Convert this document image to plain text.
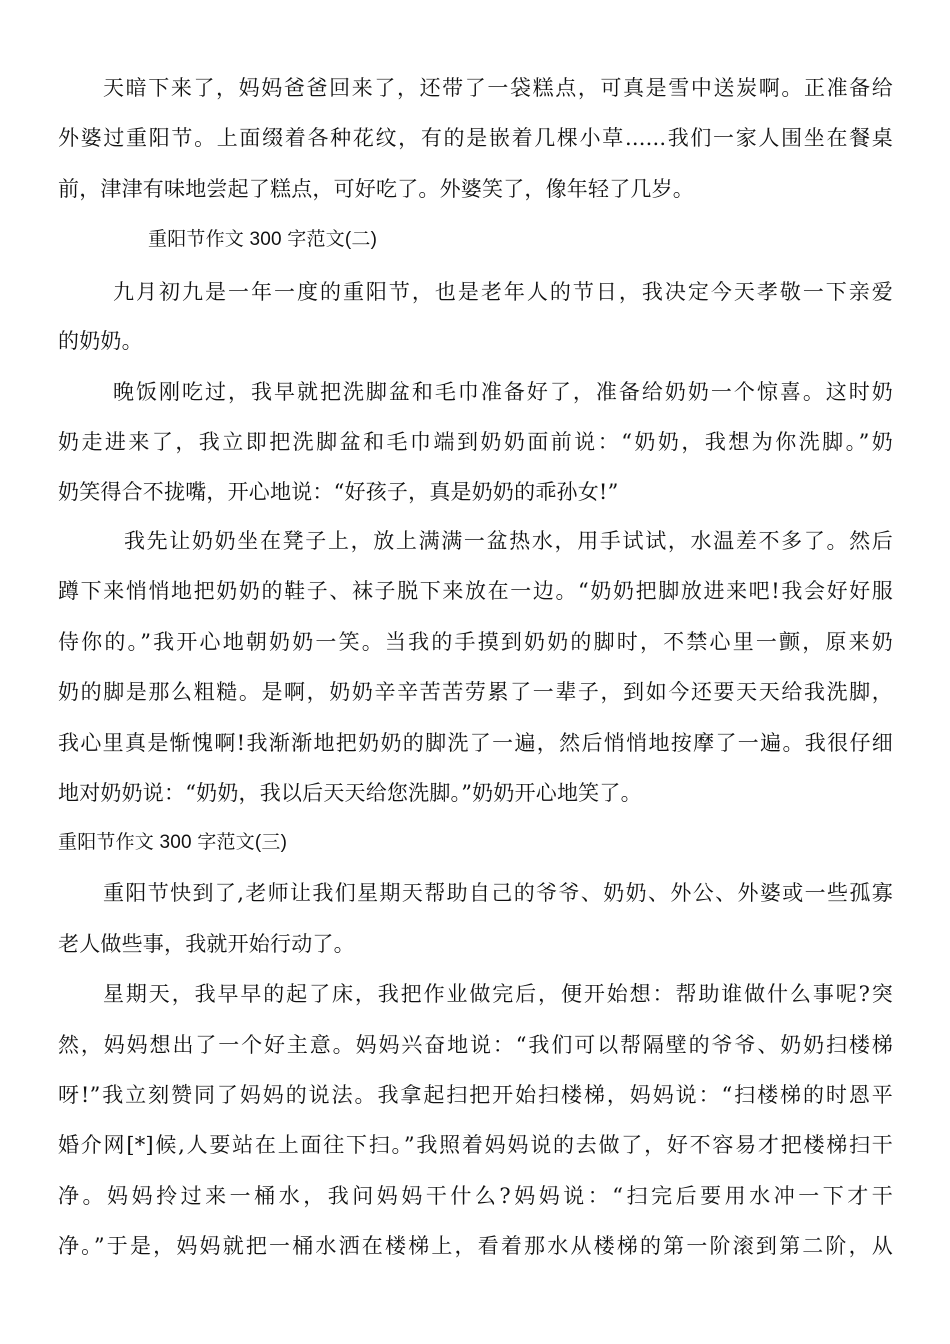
天暗下来了，妈妈爸爸回来了，还带了一袋糕点，可真是雪中送炭啊。正准备给
外婆过重阳节。上面缀着各种花纹，有的是嵌着几棵小草......我们一家人围坐在餐桌
前，津津有味地尝起了糕点，可好吃了。外婆笑了，像年轻了几岁。
重阳节作文 300 字范文(二)
九月初九是一年一度的重阳节，也是老年人的节日，我决定今天孝敬一下亲爱
的奶奶。
晚饭刚吃过，我早就把洗脚盆和毛巾准备好了，准备给奶奶一个惊喜。这时奶
奶走进来了，我立即把洗脚盆和毛巾端到奶奶面前说：“奶奶，我想为你洗脚。”奶
奶笑得合不拢嘴，开心地说：“好孩子，真是奶奶的乖孙女!”
我先让奶奶坐在凳子上，放上满满一盆热水，用手试试，水温差不多了。然后
蹲下来悄悄地把奶奶的鞋子、袜子脱下来放在一边。“奶奶把脚放进来吧!我会好好服
侍你的。”我开心地朝奶奶一笑。当我的手摸到奶奶的脚时，不禁心里一颤，原来奶
奶的脚是那么粗糙。是啊，奶奶辛辛苦苦劳累了一辈子，到如今还要天天给我洗脚，
我心里真是惭愧啊!我渐渐地把奶奶的脚洗了一遍，然后悄悄地按摩了一遍。我很仔细
地对奶奶说：“奶奶，我以后天天给您洗脚。”奶奶开心地笑了。
重阳节作文 300 字范文(三)
重阳节快到了,老师让我们星期天帮助自己的爷爷、奶奶、外公、外婆或一些孤寡
老人做些事，我就开始行动了。
星期天，我早早的起了床，我把作业做完后，便开始想：帮助谁做什么事呢?突
然，妈妈想出了一个好主意。妈妈兴奋地说：“我们可以帮隔壁的爷爷、奶奶扫楼梯
呀!”我立刻赞同了妈妈的说法。我拿起扫把开始扫楼梯，妈妈说：“扫楼梯的时恩平
婚介网[*]候,人要站在上面往下扫。”我照着妈妈说的去做了，好不容易才把楼梯扫干
净。妈妈拎过来一桶水，我问妈妈干什么?妈妈说：“扫完后要用水冲一下才干
净。”于是，妈妈就把一桶水洒在楼梯上，看着那水从楼梯的第一阶滚到第二阶，从
